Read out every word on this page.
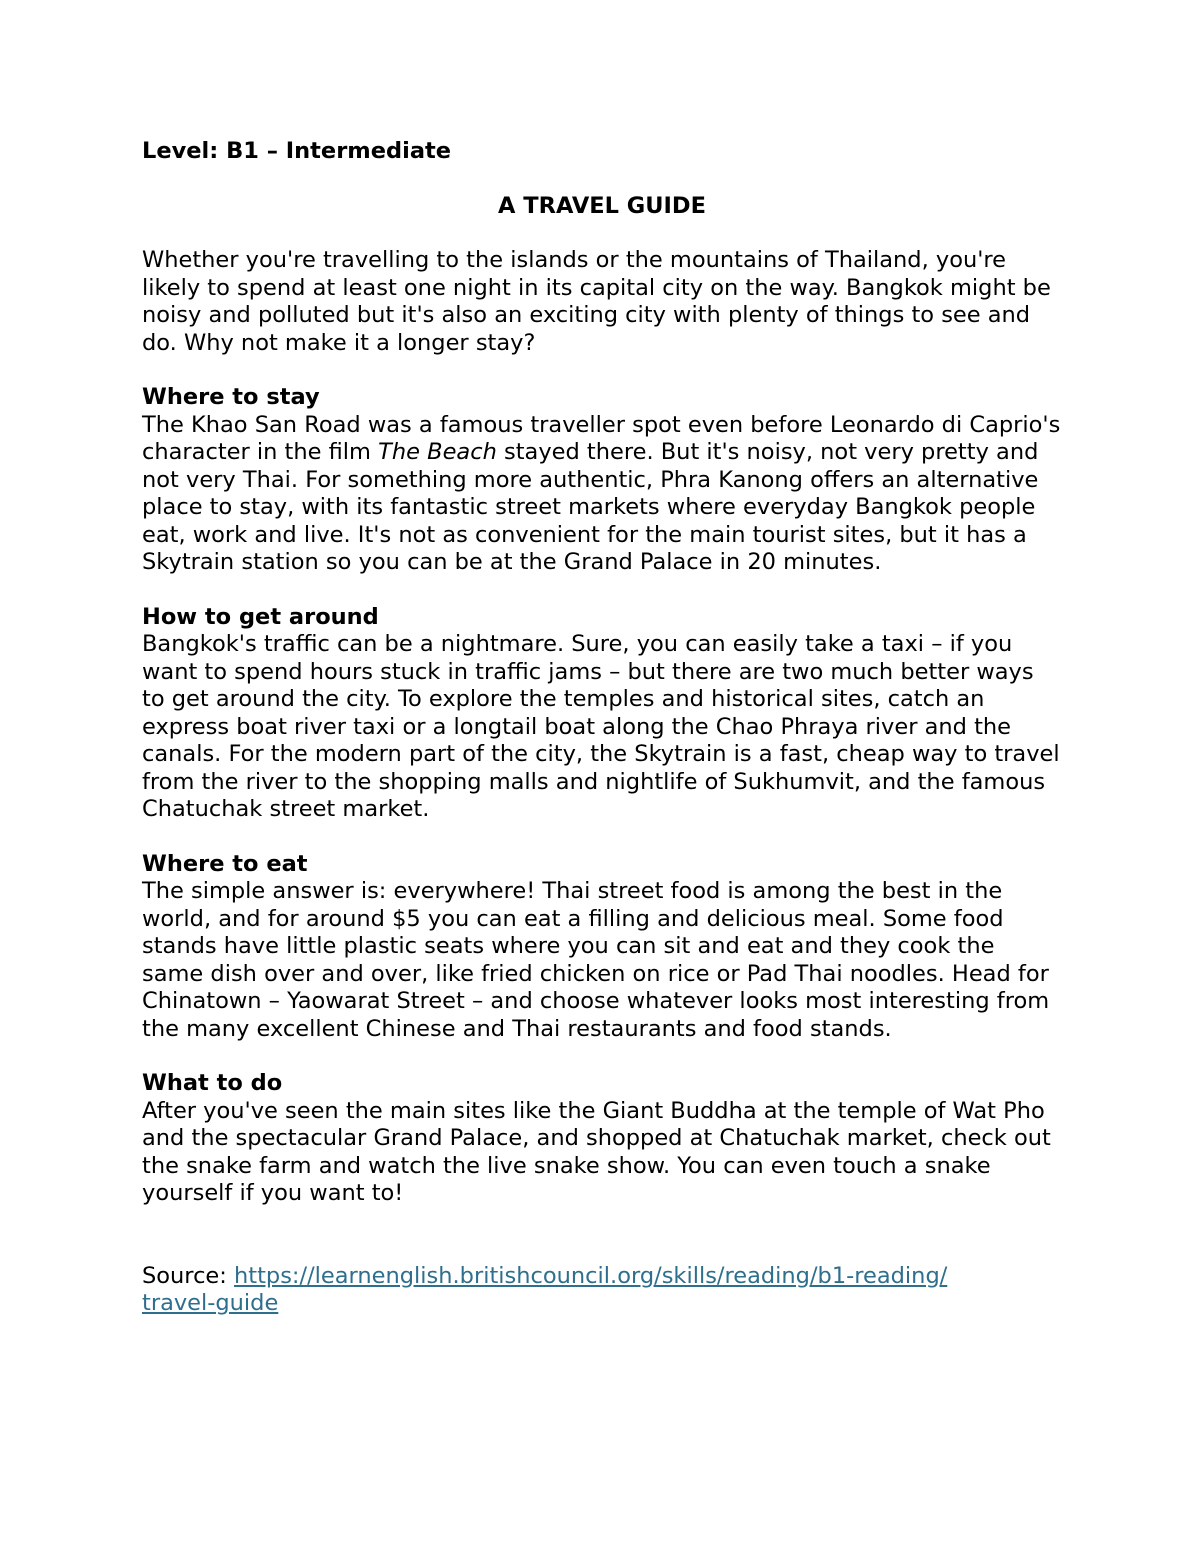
Level: B1 – Intermediate

A TRAVEL GUIDE

Whether you're travelling to the islands or the mountains of Thailand, you're likely to spend at least one night in its capital city on the way. Bangkok might be noisy and polluted but it's also an exciting city with plenty of things to see and do. Why not make it a longer stay?

Where to stay

The Khao San Road was a famous traveller spot even before Leonardo di Caprio's character in the film The Beach stayed there. But it's noisy, not very pretty and not very Thai. For something more authentic, Phra Kanong offers an alternative place to stay, with its fantastic street markets where everyday Bangkok people eat, work and live. It's not as convenient for the main tourist sites, but it has a Skytrain station so you can be at the Grand Palace in 20 minutes.

How to get around

Bangkok's traffic can be a nightmare. Sure, you can easily take a taxi – if you want to spend hours stuck in traffic jams – but there are two much better ways to get around the city. To explore the temples and historical sites, catch an express boat river taxi or a longtail boat along the Chao Phraya river and the canals. For the modern part of the city, the Skytrain is a fast, cheap way to travel from the river to the shopping malls and nightlife of Sukhumvit, and the famous Chatuchak street market.

Where to eat

The simple answer is: everywhere! Thai street food is among the best in the world, and for around $5 you can eat a filling and delicious meal. Some food stands have little plastic seats where you can sit and eat and they cook the same dish over and over, like fried chicken on rice or Pad Thai noodles. Head for Chinatown – Yaowarat Street – and choose whatever looks most interesting from the many excellent Chinese and Thai restaurants and food stands.

What to do

After you've seen the main sites like the Giant Buddha at the temple of Wat Pho and the spectacular Grand Palace, and shopped at Chatuchak market, check out the snake farm and watch the live snake show. You can even touch a snake yourself if you want to!

Source: https://learnenglish.britishcouncil.org/skills/reading/b1-reading/
travel-guide
